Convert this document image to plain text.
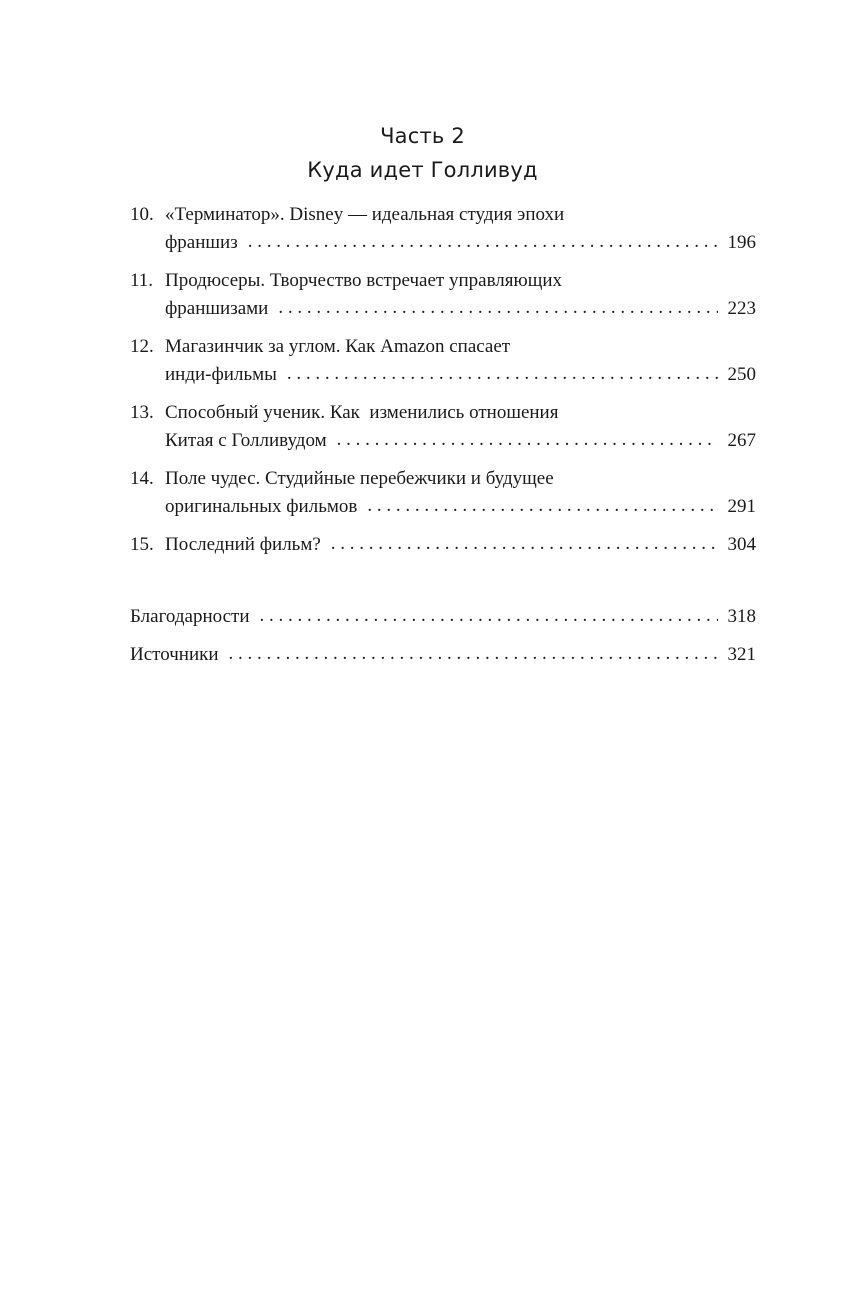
Часть 2
Куда идет Голливуд
10. «Терминатор». Disney — идеальная студия эпохи
франшиз . . .	196
11. Продюсеры. Творчество встречает управляющих
франшизами . . .	223
12. Магазинчик за углом. Как Amazon спасает
инди-фильмы . . .	250
13. Способный ученик. Как  изменились отношения
Китая с Голливудом . . .	267
14. Поле чудес. Студийные перебежчики и будущее
оригинальных фильмов . . .	291
15. Последний фильм? . . .	304
Благодарности . . .	318
Источники . . .	321
